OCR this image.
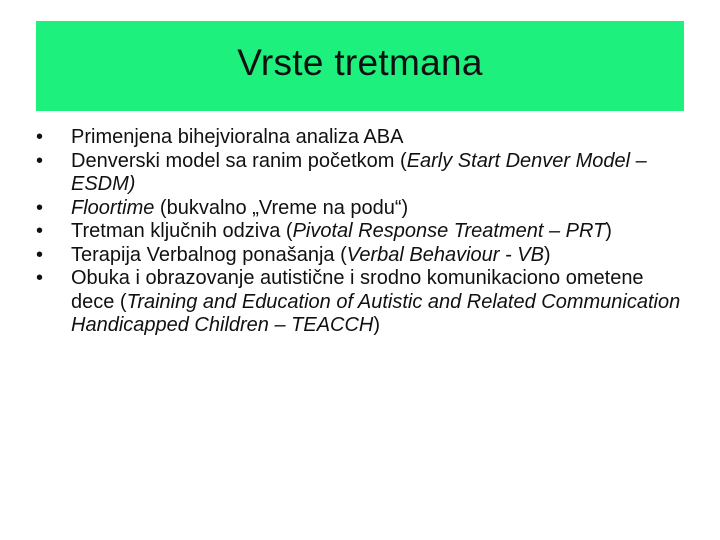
Vrste tretmana
•	Primenjena bihejvioralna analiza ABA
•	Denverski model sa ranim početkom (Early Start Denver Model – ESDM)
•	Floortime (bukvalno „Vreme na podu“)
•	Tretman ključnih odziva (Pivotal Response Treatment – PRT)
•	Terapija Verbalnog ponašanja (Verbal Behaviour - VB)
•	Obuka i obrazovanje autistične i srodno komunikaciono ometene dece (Training and Education of Autistic and Related Communication Handicapped Children – TEACCH)
